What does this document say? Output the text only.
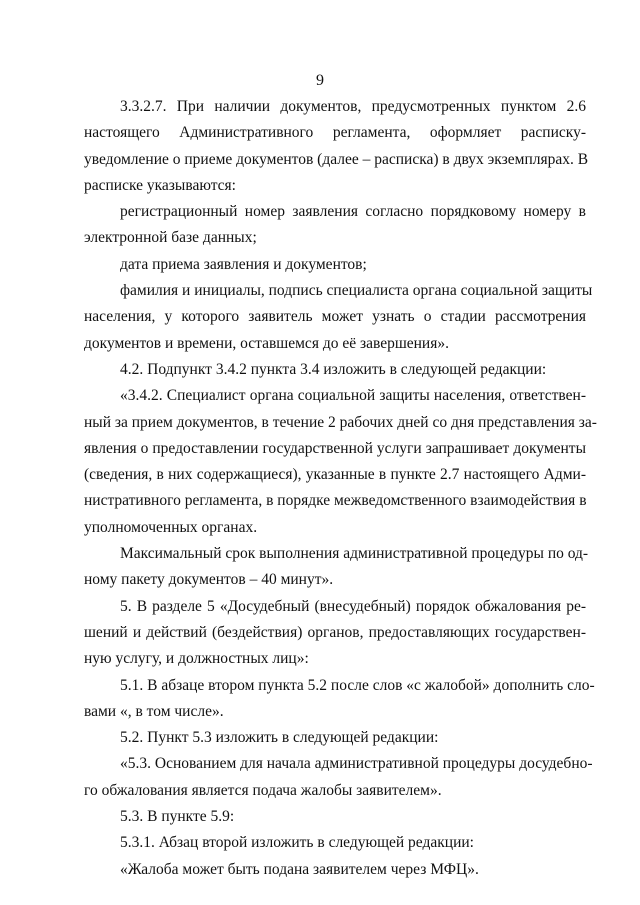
9
3.3.2.7. При наличии документов, предусмотренных пунктом 2.6
настоящего Административного регламента, оформляет расписку-
уведомление о приеме документов (далее – расписка) в двух экземплярах. В
расписке указываются:
регистрационный номер заявления согласно порядковому номеру в
электронной базе данных;
дата приема заявления и документов;
фамилия и инициалы, подпись специалиста органа социальной защиты
населения, у которого заявитель может узнать о стадии рассмотрения
документов и времени, оставшемся до её завершения».
4.2. Подпункт 3.4.2 пункта 3.4 изложить в следующей редакции:
«3.4.2. Специалист органа социальной защиты населения, ответствен-
ный за прием документов, в течение 2 рабочих дней со дня представления за-
явления о предоставлении государственной услуги запрашивает документы
(сведения, в них содержащиеся), указанные в пункте 2.7 настоящего Адми-
нистративного регламента, в порядке межведомственного взаимодействия в
уполномоченных органах.
Максимальный срок выполнения административной процедуры по од-
ному пакету документов – 40 минут».
5. В разделе 5 «Досудебный (внесудебный) порядок обжалования ре-
шений и действий (бездействия) органов, предоставляющих государствен-
ную услугу, и должностных лиц»:
5.1. В абзаце втором пункта 5.2 после слов «с жалобой» дополнить сло-
вами «, в том числе».
5.2. Пункт 5.3 изложить в следующей редакции:
«5.3. Основанием для начала административной процедуры досудебно-
го обжалования является подача жалобы заявителем».
5.3. В пункте 5.9:
5.3.1. Абзац второй изложить в следующей редакции:
«Жалоба может быть подана заявителем через МФЦ».
